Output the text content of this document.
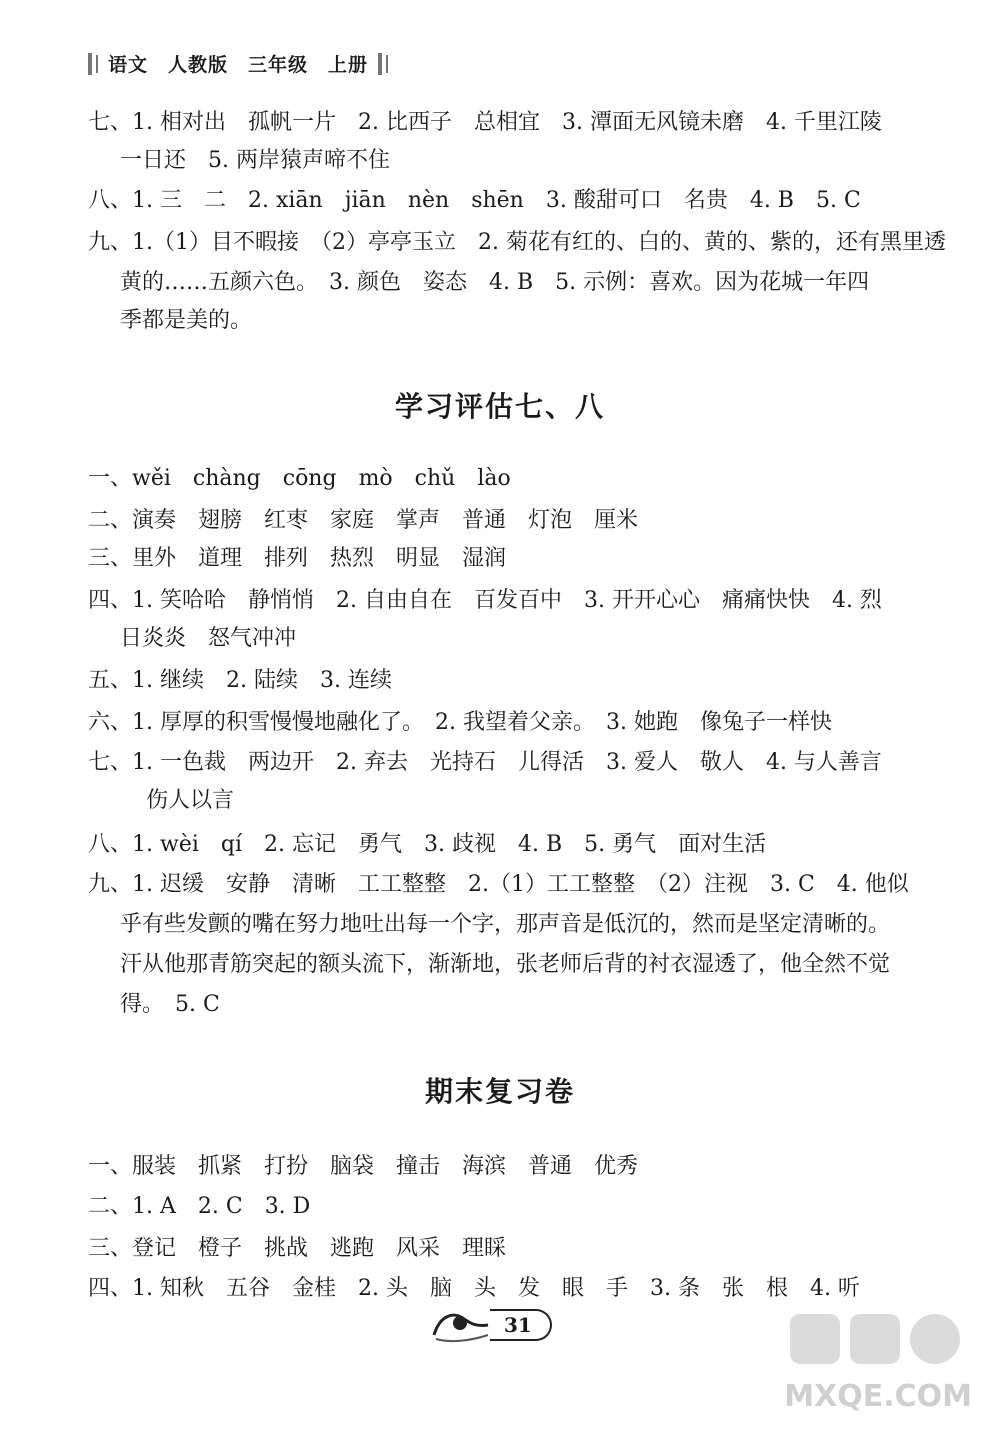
语文　人教版　三年级　上册
七、1. 相对出　孤帆一片　2. 比西子　总相宜　3. 潭面无风镜未磨　4. 千里江陵
一日还　5. 两岸猿声啼不住
八、1. 三　二　2. xiān　jiān　nèn　shēn　3. 酸甜可口　名贵　4. B　5. C
九、1.（1）目不暇接　（2）亭亭玉立　2. 菊花有红的、白的、黄的、紫的，还有黑里透
黄的……五颜六色。　3. 颜色　姿态　4. B　5. 示例：喜欢。因为花城一年四
季都是美的。
学习评估七、八
一、wěi　chàng　cōng　mò　chǔ　lào
二、演奏　翅膀　红枣　家庭　掌声　普通　灯泡　厘米
三、里外　道理　排列　热烈　明显　湿润
四、1. 笑哈哈　静悄悄　2. 自由自在　百发百中　3. 开开心心　痛痛快快　4. 烈
日炎炎　怒气冲冲
五、1. 继续　2. 陆续　3. 连续
六、1. 厚厚的积雪慢慢地融化了。　2. 我望着父亲。　3. 她跑　像兔子一样快
七、1. 一色裁　两边开　2. 弃去　光持石　儿得活　3. 爱人　敬人　4. 与人善言
伤人以言
八、1. wèi　qí　2. 忘记　勇气　3. 歧视　4. B　5. 勇气　面对生活
九、1. 迟缓　安静　清晰　工工整整　2.（1）工工整整　（2）注视　3. C　4. 他似
乎有些发颤的嘴在努力地吐出每一个字，那声音是低沉的，然而是坚定清晰的。
汗从他那青筋突起的额头流下，渐渐地，张老师后背的衬衣湿透了，他全然不觉
得。　5. C
期末复习卷
一、服装　抓紧　打扮　脑袋　撞击　海滨　普通　优秀
二、1. A　2. C　3. D
三、登记　橙子　挑战　逃跑　风采　理睬
四、1. 知秋　五谷　金桂　2. 头　脑　头　发　眼　手　3. 条　张　根　4. 听
31
MXQE.COM
